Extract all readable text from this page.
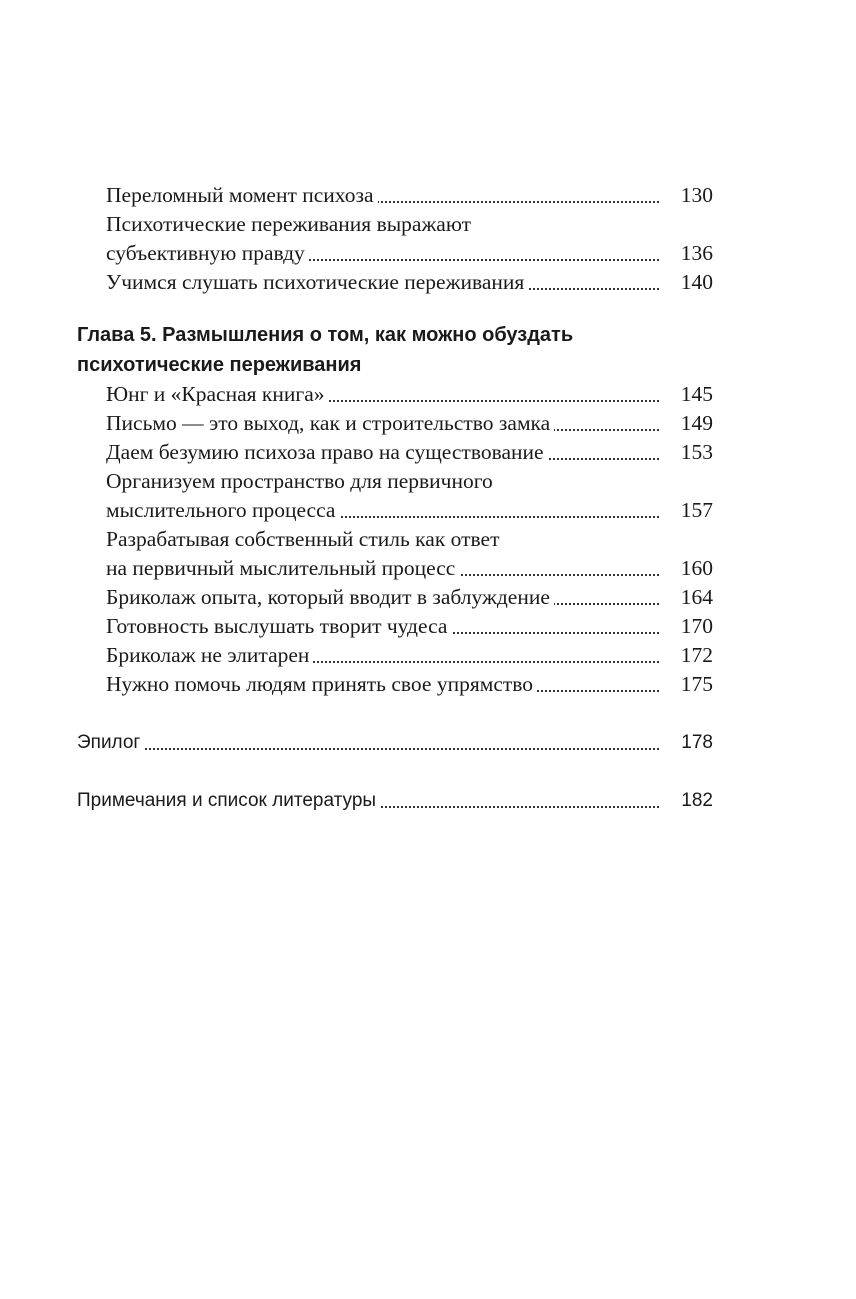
Переломный момент психоза	130
Психотические переживания выражают
субъективную правду	136
Учимся слушать психотические переживания	140
Глава 5. Размышления о том, как можно обуздать
психотические переживания
Юнг и «Красная книга»	145
Письмо — это выход, как и строительство замка	149
Даем безумию психоза право на существование	153
Организуем пространство для первичного
мыслительного процесса	157
Разрабатывая собственный стиль как ответ
на первичный мыслительный процесс	160
Бриколаж опыта, который вводит в заблуждение	164
Готовность выслушать творит чудеса	170
Бриколаж не элитарен	172
Нужно помочь людям принять свое упрямство	175
Эпилог	178
Примечания и список литературы	182
